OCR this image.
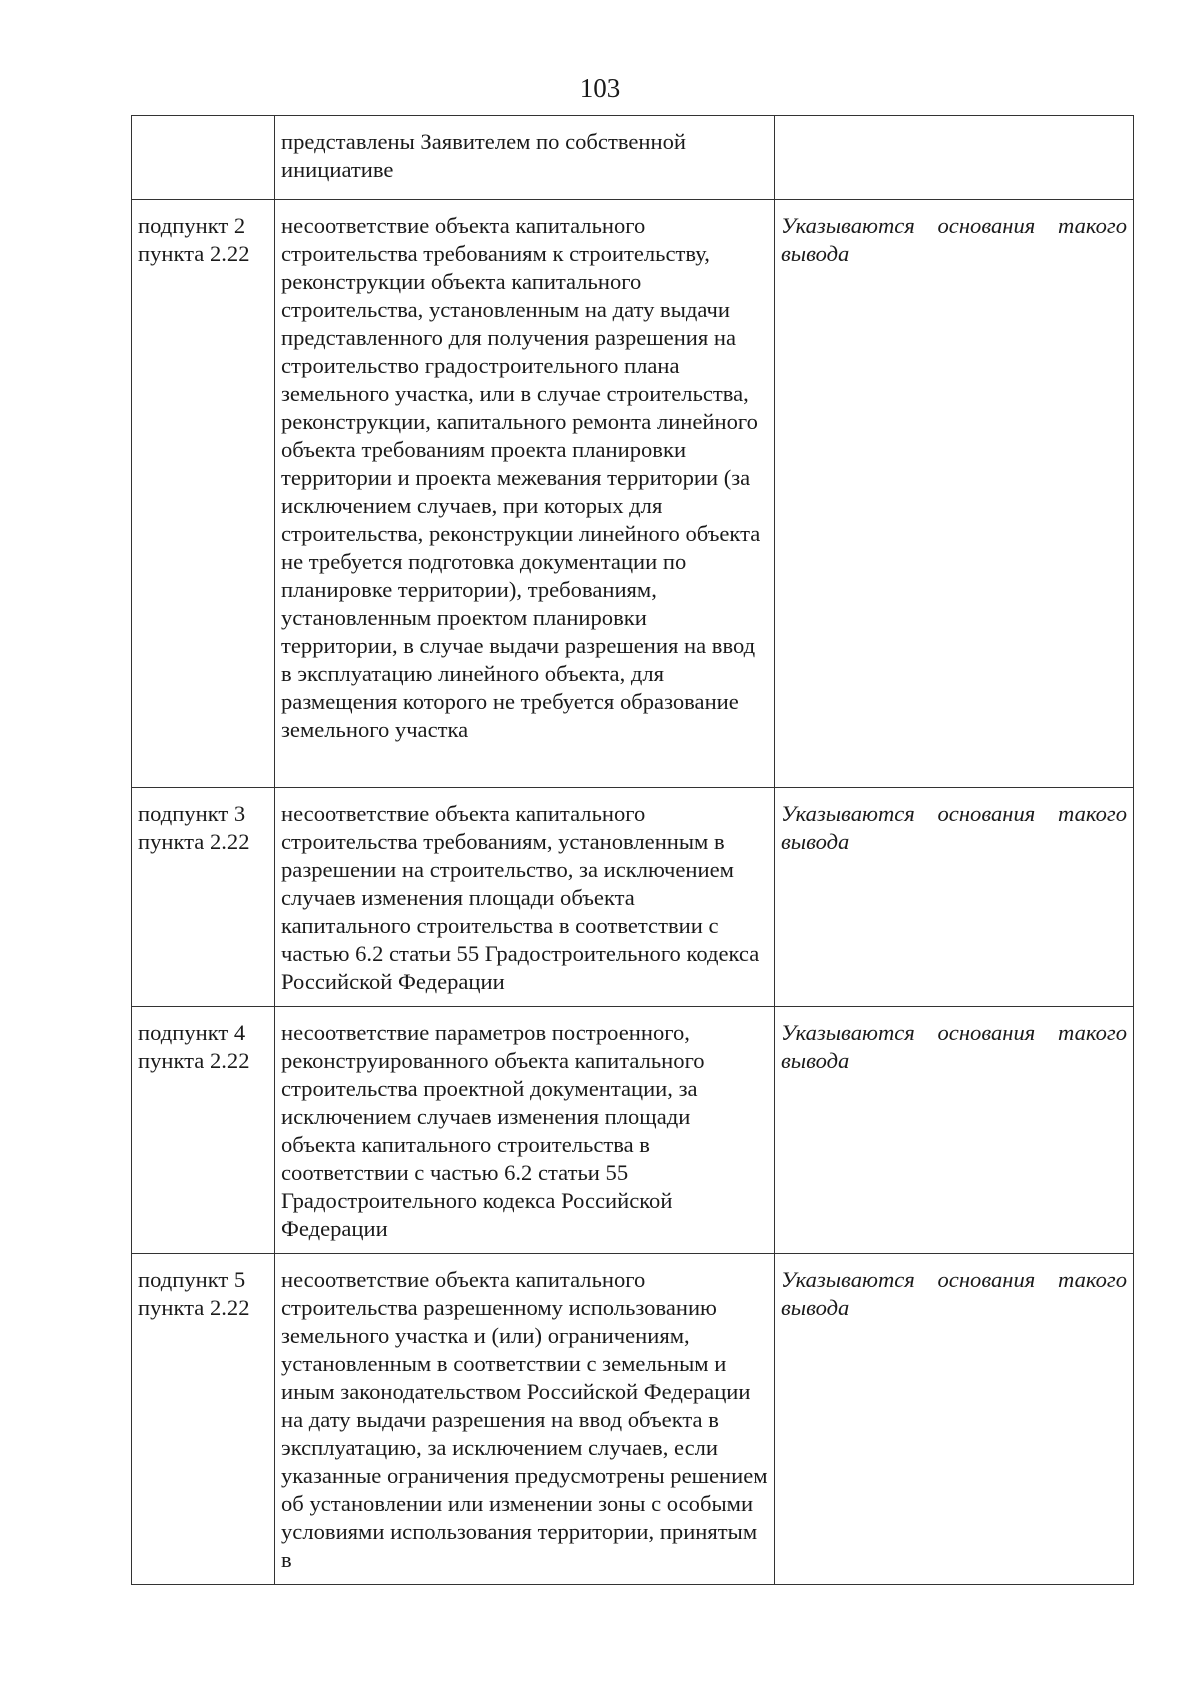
103
	представлены Заявителем по собственной инициативе	

подпункт 2 пункта 2.22	несоответствие объекта капитального строительства требованиям к строительству, реконструкции объекта капитального строительства, установленным на дату выдачи представленного для получения разрешения на строительство градостроительного плана земельного участка, или в случае строительства, реконструкции, капитального ремонта линейного объекта требованиям проекта планировки территории и проекта межевания территории (за исключением случаев, при которых для строительства, реконструкции линейного объекта не требуется подготовка документации по планировке территории), требованиям, установленным проектом планировки территории, в случае выдачи разрешения на ввод в эксплуатацию линейного объекта, для размещения которого не требуется образование земельного участка	Указываются основания такого
вывода

подпункт 3 пункта 2.22	несоответствие объекта капитального строительства требованиям, установленным в разрешении на строительство, за исключением случаев изменения площади объекта капитального строительства в соответствии с частью 6.2 статьи 55 Градостроительного кодекса Российской Федерации	Указываются основания такого
вывода

подпункт 4 пункта 2.22	несоответствие параметров построенного, реконструированного объекта капитального строительства проектной документации, за исключением случаев изменения площади объекта капитального строительства в соответствии с частью 6.2 статьи 55 Градостроительного кодекса Российской Федерации	Указываются основания такого
вывода

подпункт 5 пункта 2.22	несоответствие объекта капитального строительства разрешенному использованию земельного участка и (или) ограничениям, установленным в соответствии с земельным и иным законодательством Российской Федерации на дату выдачи разрешения на ввод объекта в эксплуатацию, за исключением случаев, если указанные ограничения предусмотрены решением об установлении или изменении зоны с особыми условиями использования территории, принятым в	Указываются основания такого
вывода
